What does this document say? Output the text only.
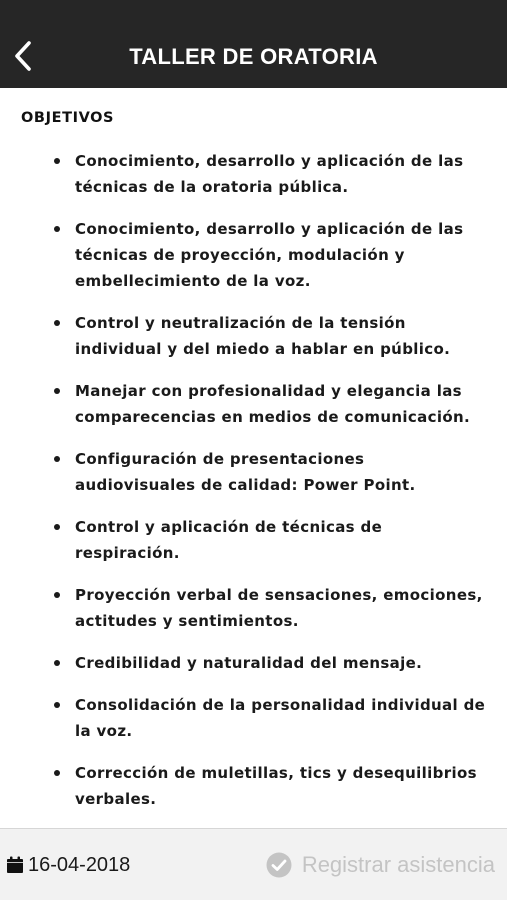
TALLER DE ORATORIA
OBJETIVOS
Conocimiento, desarrollo y aplicación de las técnicas de la oratoria pública.
Conocimiento, desarrollo y aplicación de las técnicas de proyección, modulación y embellecimiento de la voz.
Control y neutralización de la tensión individual y del miedo a hablar en público.
Manejar con profesionalidad y elegancia las comparecencias en medios de comunicación.
Configuración de presentaciones audiovisuales de calidad: Power Point.
Control y aplicación de técnicas de respiración.
Proyección verbal de sensaciones, emociones, actitudes y sentimientos.
Credibilidad y naturalidad del mensaje.
Consolidación de la personalidad individual de la voz.
Corrección de muletillas, tics y desequilibrios verbales.
16-04-2018	Registrar asistencia
